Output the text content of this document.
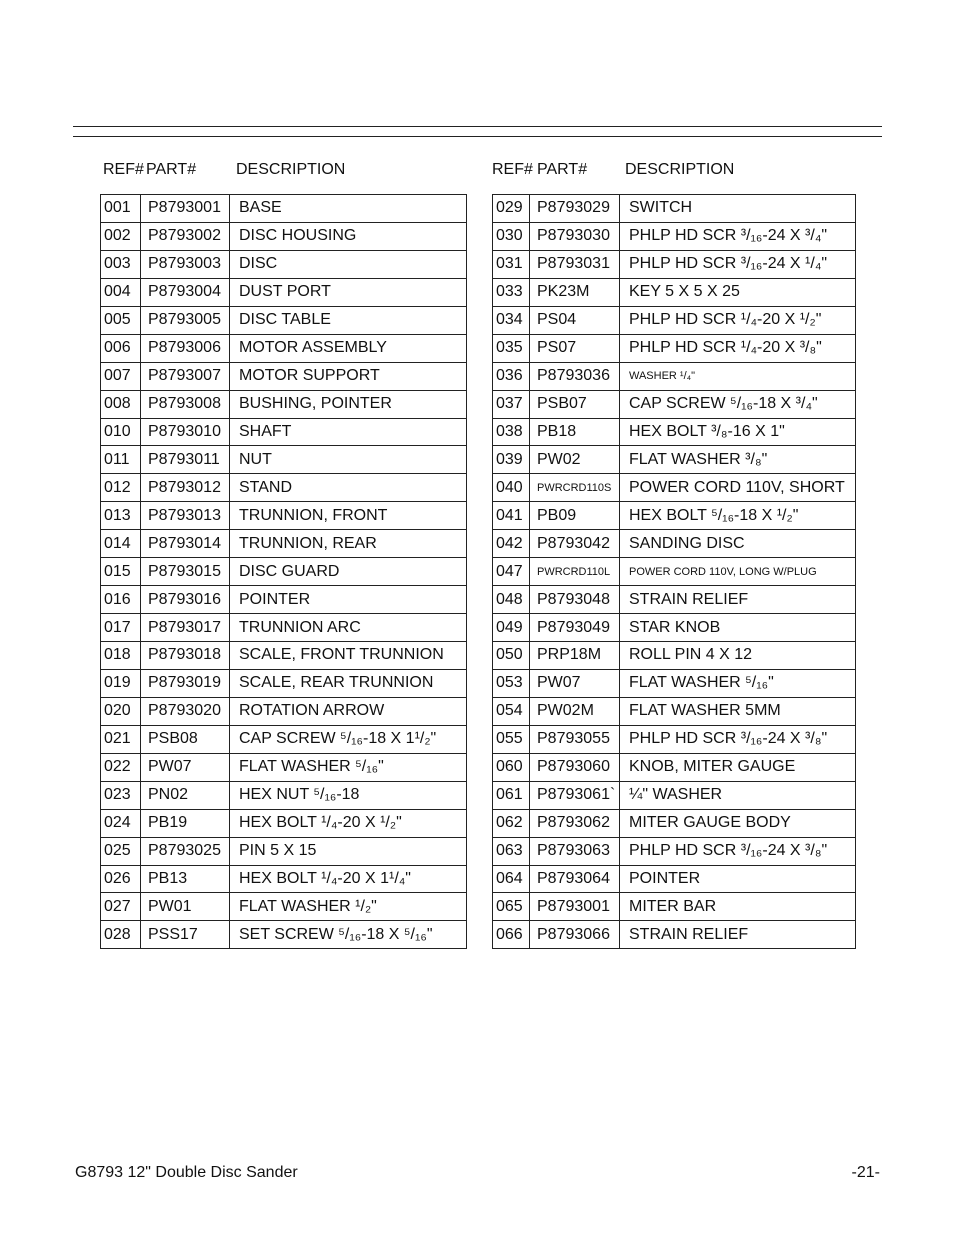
REF# PART# DESCRIPTION	REF# PART# DESCRIPTION
001	P8793001	BASE
002	P8793002	DISC HOUSING
003	P8793003	DISC
004	P8793004	DUST PORT
005	P8793005	DISC TABLE
006	P8793006	MOTOR ASSEMBLY
007	P8793007	MOTOR SUPPORT
008	P8793008	BUSHING, POINTER
010	P8793010	SHAFT
011	P8793011	NUT
012	P8793012	STAND
013	P8793013	TRUNNION, FRONT
014	P8793014	TRUNNION, REAR
015	P8793015	DISC GUARD
016	P8793016	POINTER
017	P8793017	TRUNNION ARC
018	P8793018	SCALE, FRONT TRUNNION
019	P8793019	SCALE, REAR TRUNNION
020	P8793020	ROTATION ARROW
021	PSB08	CAP SCREW ⁵/₁₆-18 X 1¹/₂"
022	PW07	FLAT WASHER ⁵/₁₆"
023	PN02	HEX NUT ⁵/₁₆-18
024	PB19	HEX BOLT ¹/₄-20 X ¹/₂"
025	P8793025	PIN 5 X 15
026	PB13	HEX BOLT ¹/₄-20 X 1¹/₄"
027	PW01	FLAT WASHER ¹/₂"
028	PSS17	SET SCREW ⁵/₁₆-18 X ⁵/₁₆"
029	P8793029	SWITCH
030	P8793030	PHLP HD SCR ³/₁₆-24 X ³/₄"
031	P8793031	PHLP HD SCR ³/₁₆-24 X ¹/₄"
033	PK23M	KEY 5 X 5 X 25
034	PS04	PHLP HD SCR ¹/₄-20 X ¹/₂"
035	PS07	PHLP HD SCR ¹/₄-20 X ³/₈"
036	P8793036	WASHER ¹/₄"
037	PSB07	CAP SCREW ⁵/₁₆-18 X ³/₄"
038	PB18	HEX BOLT ³/₈-16 X 1"
039	PW02	FLAT WASHER ³/₈"
040	PWRCRD110S	POWER CORD 110V, SHORT
041	PB09	HEX BOLT ⁵/₁₆-18 X ¹/₂"
042	P8793042	SANDING DISC
047	PWRCRD110L	POWER CORD 110V, LONG W/PLUG
048	P8793048	STRAIN RELIEF
049	P8793049	STAR KNOB
050	PRP18M	ROLL PIN 4 X 12
053	PW07	FLAT WASHER ⁵/₁₆"
054	PW02M	FLAT WASHER 5MM
055	P8793055	PHLP HD SCR ³/₁₆-24 X ³/₈"
060	P8793060	KNOB, MITER GAUGE
061	P8793061`	¼" WASHER
062	P8793062	MITER GAUGE BODY
063	P8793063	PHLP HD SCR ³/₁₆-24 X ³/₈"
064	P8793064	POINTER
065	P8793001	MITER BAR
066	P8793066	STRAIN RELIEF
G8793 12" Double Disc Sander	-21-
